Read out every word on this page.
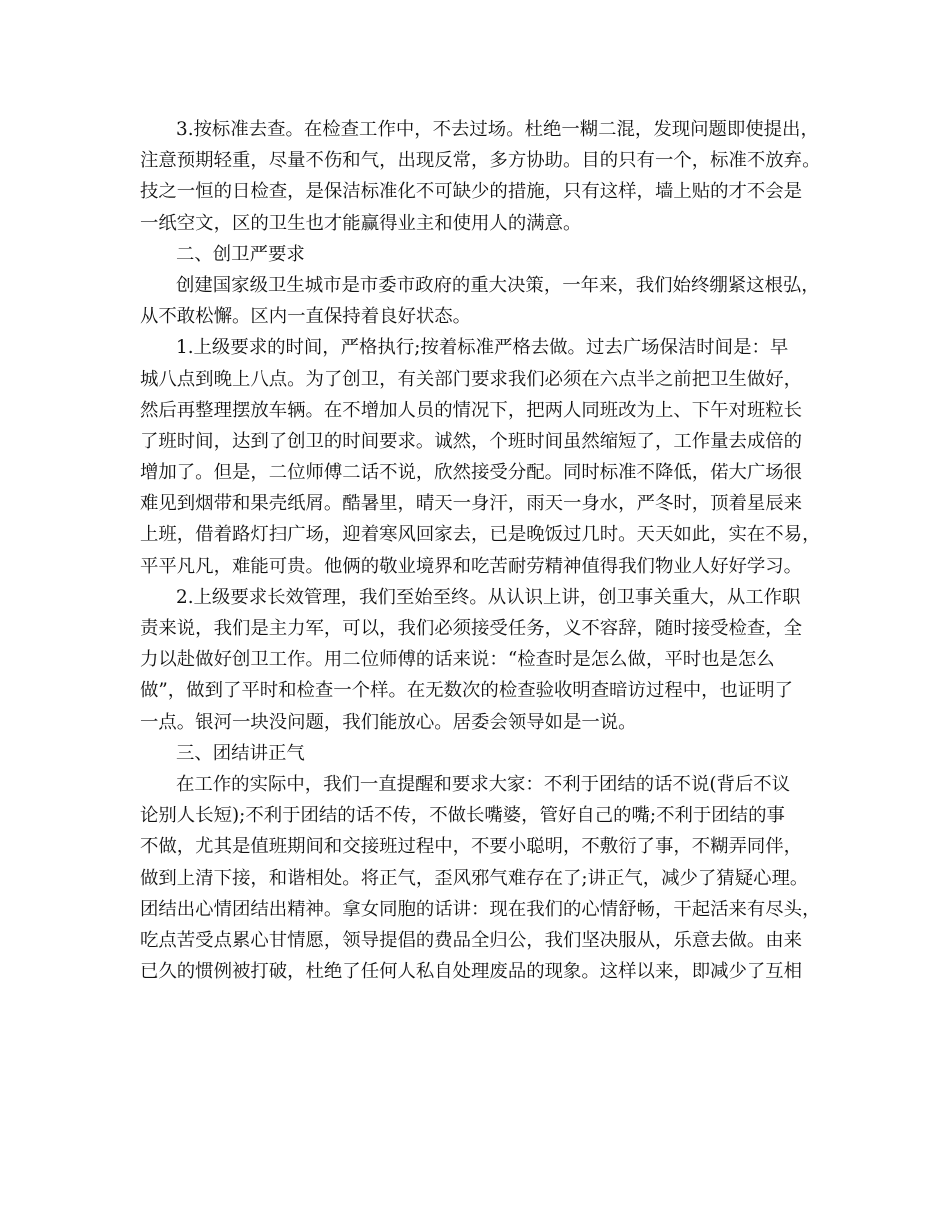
3.按标准去查。在检查工作中，不去过场。杜绝一糊二混，发现问题即使提出，
注意预期轻重，尽量不伤和气，出现反常，多方协助。目的只有一个，标准不放弃。
技之一恒的日检查，是保洁标准化不可缺少的措施，只有这样，墙上贴的才不会是
一纸空文，区的卫生也才能赢得业主和使用人的满意。
二、创卫严要求
创建国家级卫生城市是市委市政府的重大决策，一年来，我们始终绷紧这根弘，
从不敢松懈。区内一直保持着良好状态。
1.上级要求的时间，严格执行;按着标准严格去做。过去广场保洁时间是：早
城八点到晚上八点。为了创卫，有关部门要求我们必须在六点半之前把卫生做好，
然后再整理摆放车辆。在不增加人员的情况下，把两人同班改为上、下午对班粒长
了班时间，达到了创卫的时间要求。诚然，个班时间虽然缩短了，工作量去成倍的
增加了。但是，二位师傅二话不说，欣然接受分配。同时标准不降低，偌大广场很
难见到烟带和果壳纸屑。酷暑里，晴天一身汗，雨天一身水，严冬时，顶着星辰来
上班，借着路灯扫广场，迎着寒风回家去，已是晚饭过几时。天天如此，实在不易，
平平凡凡，难能可贵。他俩的敬业境界和吃苦耐劳精神值得我们物业人好好学习。
2.上级要求长效管理，我们至始至终。从认识上讲，创卫事关重大，从工作职
责来说，我们是主力军，可以，我们必须接受任务，义不容辞，随时接受检查，全
力以赴做好创卫工作。用二位师傅的话来说：“检查时是怎么做，平时也是怎么
做”，做到了平时和检查一个样。在无数次的检查验收明查暗访过程中，也证明了
一点。银河一块没问题，我们能放心。居委会领导如是一说。
三、团结讲正气
在工作的实际中，我们一直提醒和要求大家：不利于团结的话不说(背后不议
论别人长短);不利于团结的话不传，不做长嘴婆，管好自己的嘴;不利于团结的事
不做，尤其是值班期间和交接班过程中，不要小聪明，不敷衍了事，不糊弄同伴，
做到上清下接，和谐相处。将正气，歪风邪气难存在了;讲正气，减少了猜疑心理。
团结出心情团结出精神。拿女同胞的话讲：现在我们的心情舒畅，干起活来有尽头，
吃点苦受点累心甘情愿，领导提倡的费品全归公，我们坚决服从，乐意去做。由来
已久的惯例被打破，杜绝了任何人私自处理废品的现象。这样以来，即减少了互相
